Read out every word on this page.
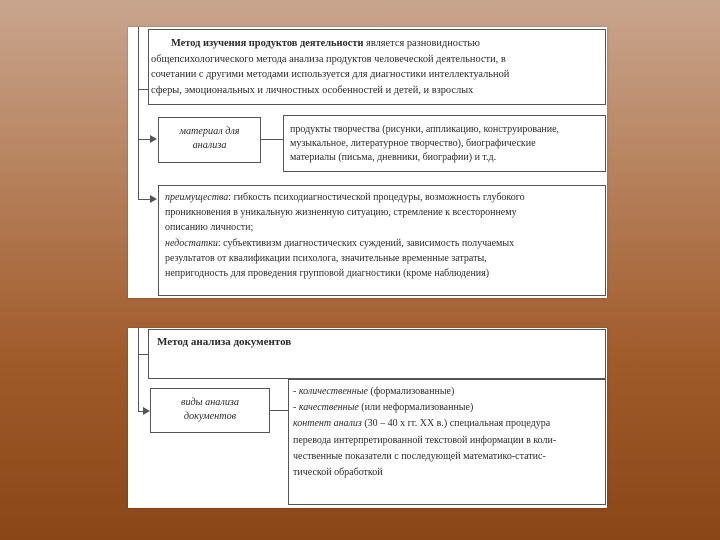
Метод изучения продуктов деятельности является разновидностью
общепсихологического метода анализа продуктов человеческой деятельности, в
сочетании с другими методами используется для диагностики интеллектуальной
сферы, эмоциональных и личностных особенностей и детей, и взрослых
материал для
анализа
продукты творчества (рисунки, аппликацию, конструирование,
музыкальное, литературное творчество), биографические
материалы (письма, дневники, биографии) и т.д.
преимущества: гибкость психодиагностической процедуры, возможность глубокого
проникновения в уникальную жизненную ситуацию, стремление к всестороннему
описанию личности;
недостатки: субъективизм диагностических суждений, зависимость получаемых
результатов от квалификации психолога, значительные временные затраты,
непригодность для проведения групповой диагностики (кроме наблюдения)
Метод анализа документов
виды анализа
документов
- количественные (формализованные)
- качественные (или неформализованные)
контент анализ (30 – 40 х гг. XX в.) специальная процедура
перевода интерпретированной текстовой информации в коли-
чественные показатели с последующей математико-статис-
тической обработкой
